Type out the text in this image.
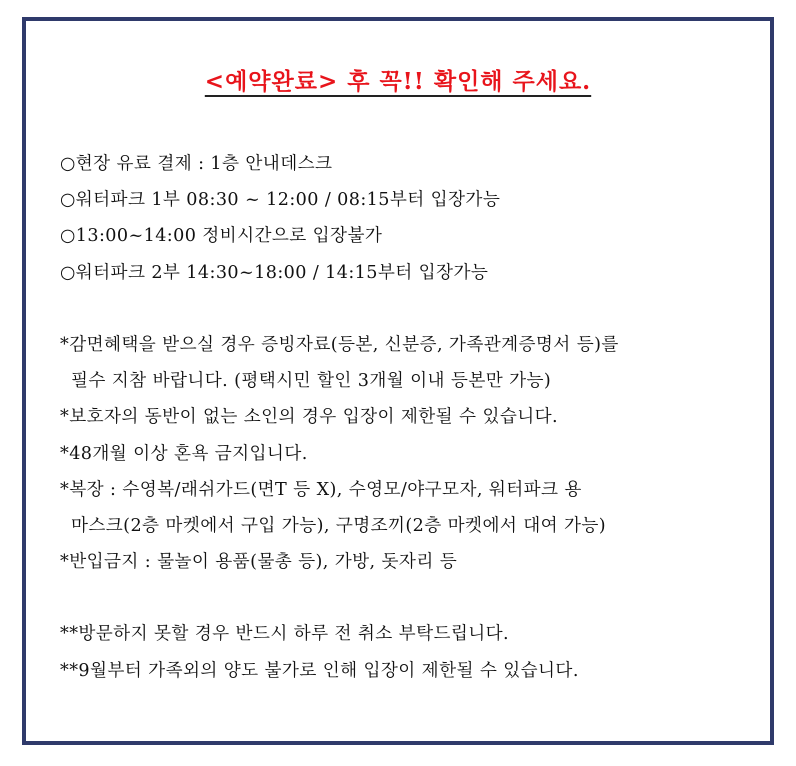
<예약완료> 후 꼭!! 확인해 주세요.
○현장 유료 결제 : 1층 안내데스크
○워터파크 1부 08:30 ~ 12:00 / 08:15부터 입장가능
○13:00~14:00 정비시간으로 입장불가
○워터파크 2부 14:30~18:00 / 14:15부터 입장가능
*감면혜택을 받으실 경우 증빙자료(등본, 신분증, 가족관계증명서 등)를
필수 지참 바랍니다. (평택시민 할인 3개월 이내 등본만 가능)
*보호자의 동반이 없는 소인의 경우 입장이 제한될 수 있습니다.
*48개월 이상 혼욕 금지입니다.
*복장 : 수영복/래쉬가드(면T 등 X), 수영모/야구모자, 워터파크 용
마스크(2층 마켓에서 구입 가능), 구명조끼(2층 마켓에서 대여 가능)
*반입금지 : 물놀이 용품(물총 등), 가방, 돗자리 등
**방문하지 못할 경우 반드시 하루 전 취소 부탁드립니다.
**9월부터 가족외의 양도 불가로 인해 입장이 제한될 수 있습니다.
